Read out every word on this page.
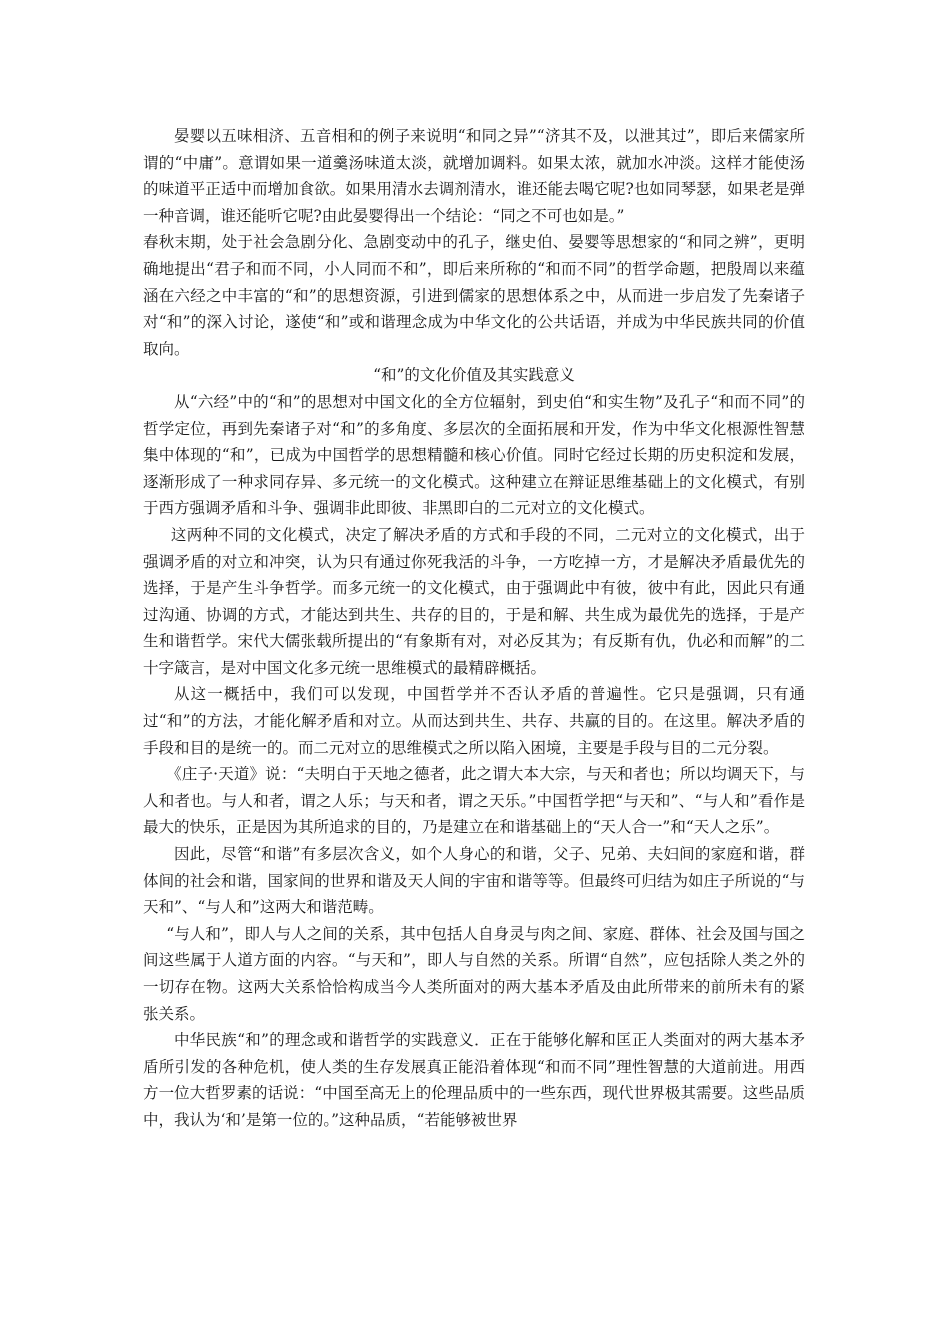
晏婴以五味相济、五音相和的例子来说明“和同之异”“济其不及，以泄其过”，即后来儒家所谓的“中庸”。意谓如果一道羹汤味道太淡，就增加调料。如果太浓，就加水冲淡。这样才能使汤的味道平正适中而增加食欲。如果用清水去调剂清水，谁还能去喝它呢?也如同琴瑟，如果老是弹一种音调，谁还能听它呢?由此晏婴得出一个结论：“同之不可也如是。”

春秋末期，处于社会急剧分化、急剧变动中的孔子，继史伯、晏婴等思想家的“和同之辨”，更明确地提出“君子和而不同，小人同而不和”，即后来所称的“和而不同”的哲学命题，把殷周以来蕴涵在六经之中丰富的“和”的思想资源，引进到儒家的思想体系之中，从而进一步启发了先秦诸子对“和”的深入讨论，遂使“和”或和谐理念成为中华文化的公共话语，并成为中华民族共同的价值取向。

“和”的文化价值及其实践意义

从“六经”中的“和”的思想对中国文化的全方位辐射，到史伯“和实生物”及孔子“和而不同”的哲学定位，再到先秦诸子对“和”的多角度、多层次的全面拓展和开发，作为中华文化根源性智慧集中体现的“和”，已成为中国哲学的思想精髓和核心价值。同时它经过长期的历史积淀和发展，逐渐形成了一种求同存异、多元统一的文化模式。这种建立在辩证思维基础上的文化模式，有别于西方强调矛盾和斗争、强调非此即彼、非黑即白的二元对立的文化模式。

这两种不同的文化模式，决定了解决矛盾的方式和手段的不同，二元对立的文化模式，出于强调矛盾的对立和冲突，认为只有通过你死我活的斗争，一方吃掉一方，才是解决矛盾最优先的选择，于是产生斗争哲学。而多元统一的文化模式，由于强调此中有彼，彼中有此，因此只有通过沟通、协调的方式，才能达到共生、共存的目的，于是和解、共生成为最优先的选择，于是产生和谐哲学。宋代大儒张载所提出的“有象斯有对，对必反其为；有反斯有仇，仇必和而解”的二十字箴言，是对中国文化多元统一思维模式的最精辟概括。

从这一概括中，我们可以发现，中国哲学并不否认矛盾的普遍性。它只是强调，只有通过“和”的方法，才能化解矛盾和对立。从而达到共生、共存、共赢的目的。在这里。解决矛盾的手段和目的是统一的。而二元对立的思维模式之所以陷入困境，主要是手段与目的二元分裂。

《庄子·天道》说：“夫明白于天地之德者，此之谓大本大宗，与天和者也；所以均调天下，与人和者也。与人和者，谓之人乐；与天和者，谓之天乐。”中国哲学把“与天和”、“与人和”看作是最大的快乐，正是因为其所追求的目的，乃是建立在和谐基础上的“天人合一”和“天人之乐”。

因此，尽管“和谐”有多层次含义，如个人身心的和谐，父子、兄弟、夫妇间的家庭和谐，群体间的社会和谐，国家间的世界和谐及天人间的宇宙和谐等等。但最终可归结为如庄子所说的“与天和”、“与人和”这两大和谐范畴。

“与人和”，即人与人之间的关系，其中包括人自身灵与肉之间、家庭、群体、社会及国与国之间这些属于人道方面的内容。“与天和”，即人与自然的关系。所谓“自然”，应包括除人类之外的一切存在物。这两大关系恰恰构成当今人类所面对的两大基本矛盾及由此所带来的前所未有的紧张关系。

中华民族“和”的理念或和谐哲学的实践意义．正在于能够化解和匡正人类面对的两大基本矛盾所引发的各种危机，使人类的生存发展真正能沿着体现“和而不同”理性智慧的大道前进。用西方一位大哲罗素的话说：“中国至高无上的伦理品质中的一些东西，现代世界极其需要。这些品质中，我认为‘和’是第一位的。”这种品质，“若能够被世界
